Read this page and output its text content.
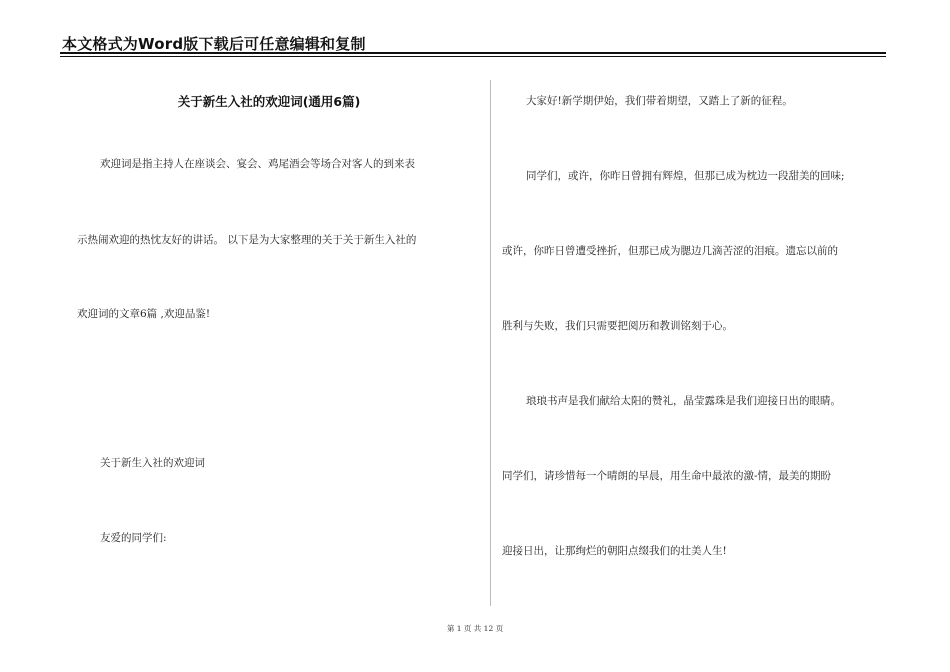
本文格式为Word版下载后可任意编辑和复制
关于新生入社的欢迎词(通用6篇)
欢迎词是指主持人在座谈会、宴会、鸡尾酒会等场合对客人的到来表
示热闹欢迎的热忱友好的讲话。 以下是为大家整理的关于关于新生入社的
欢迎词的文章6篇 ,欢迎品鉴!
关于新生入社的欢迎词
友爱的同学们:
大家好!新学期伊始，我们带着期望，又踏上了新的征程。
同学们，或许，你昨日曾拥有辉煌，但那已成为枕边一段甜美的回味;
或许，你昨日曾遭受挫折，但那已成为腮边几滴苦涩的泪痕。遗忘以前的
胜利与失败，我们只需要把阅历和教训铭刻于心。
琅琅书声是我们献给太阳的赞礼，晶莹露珠是我们迎接日出的眼睛。
同学们，请珍惜每一个晴朗的早晨，用生命中最浓的激-情，最美的期盼
迎接日出，让那绚烂的朝阳点缀我们的壮美人生!
第 1 页 共 12 页
